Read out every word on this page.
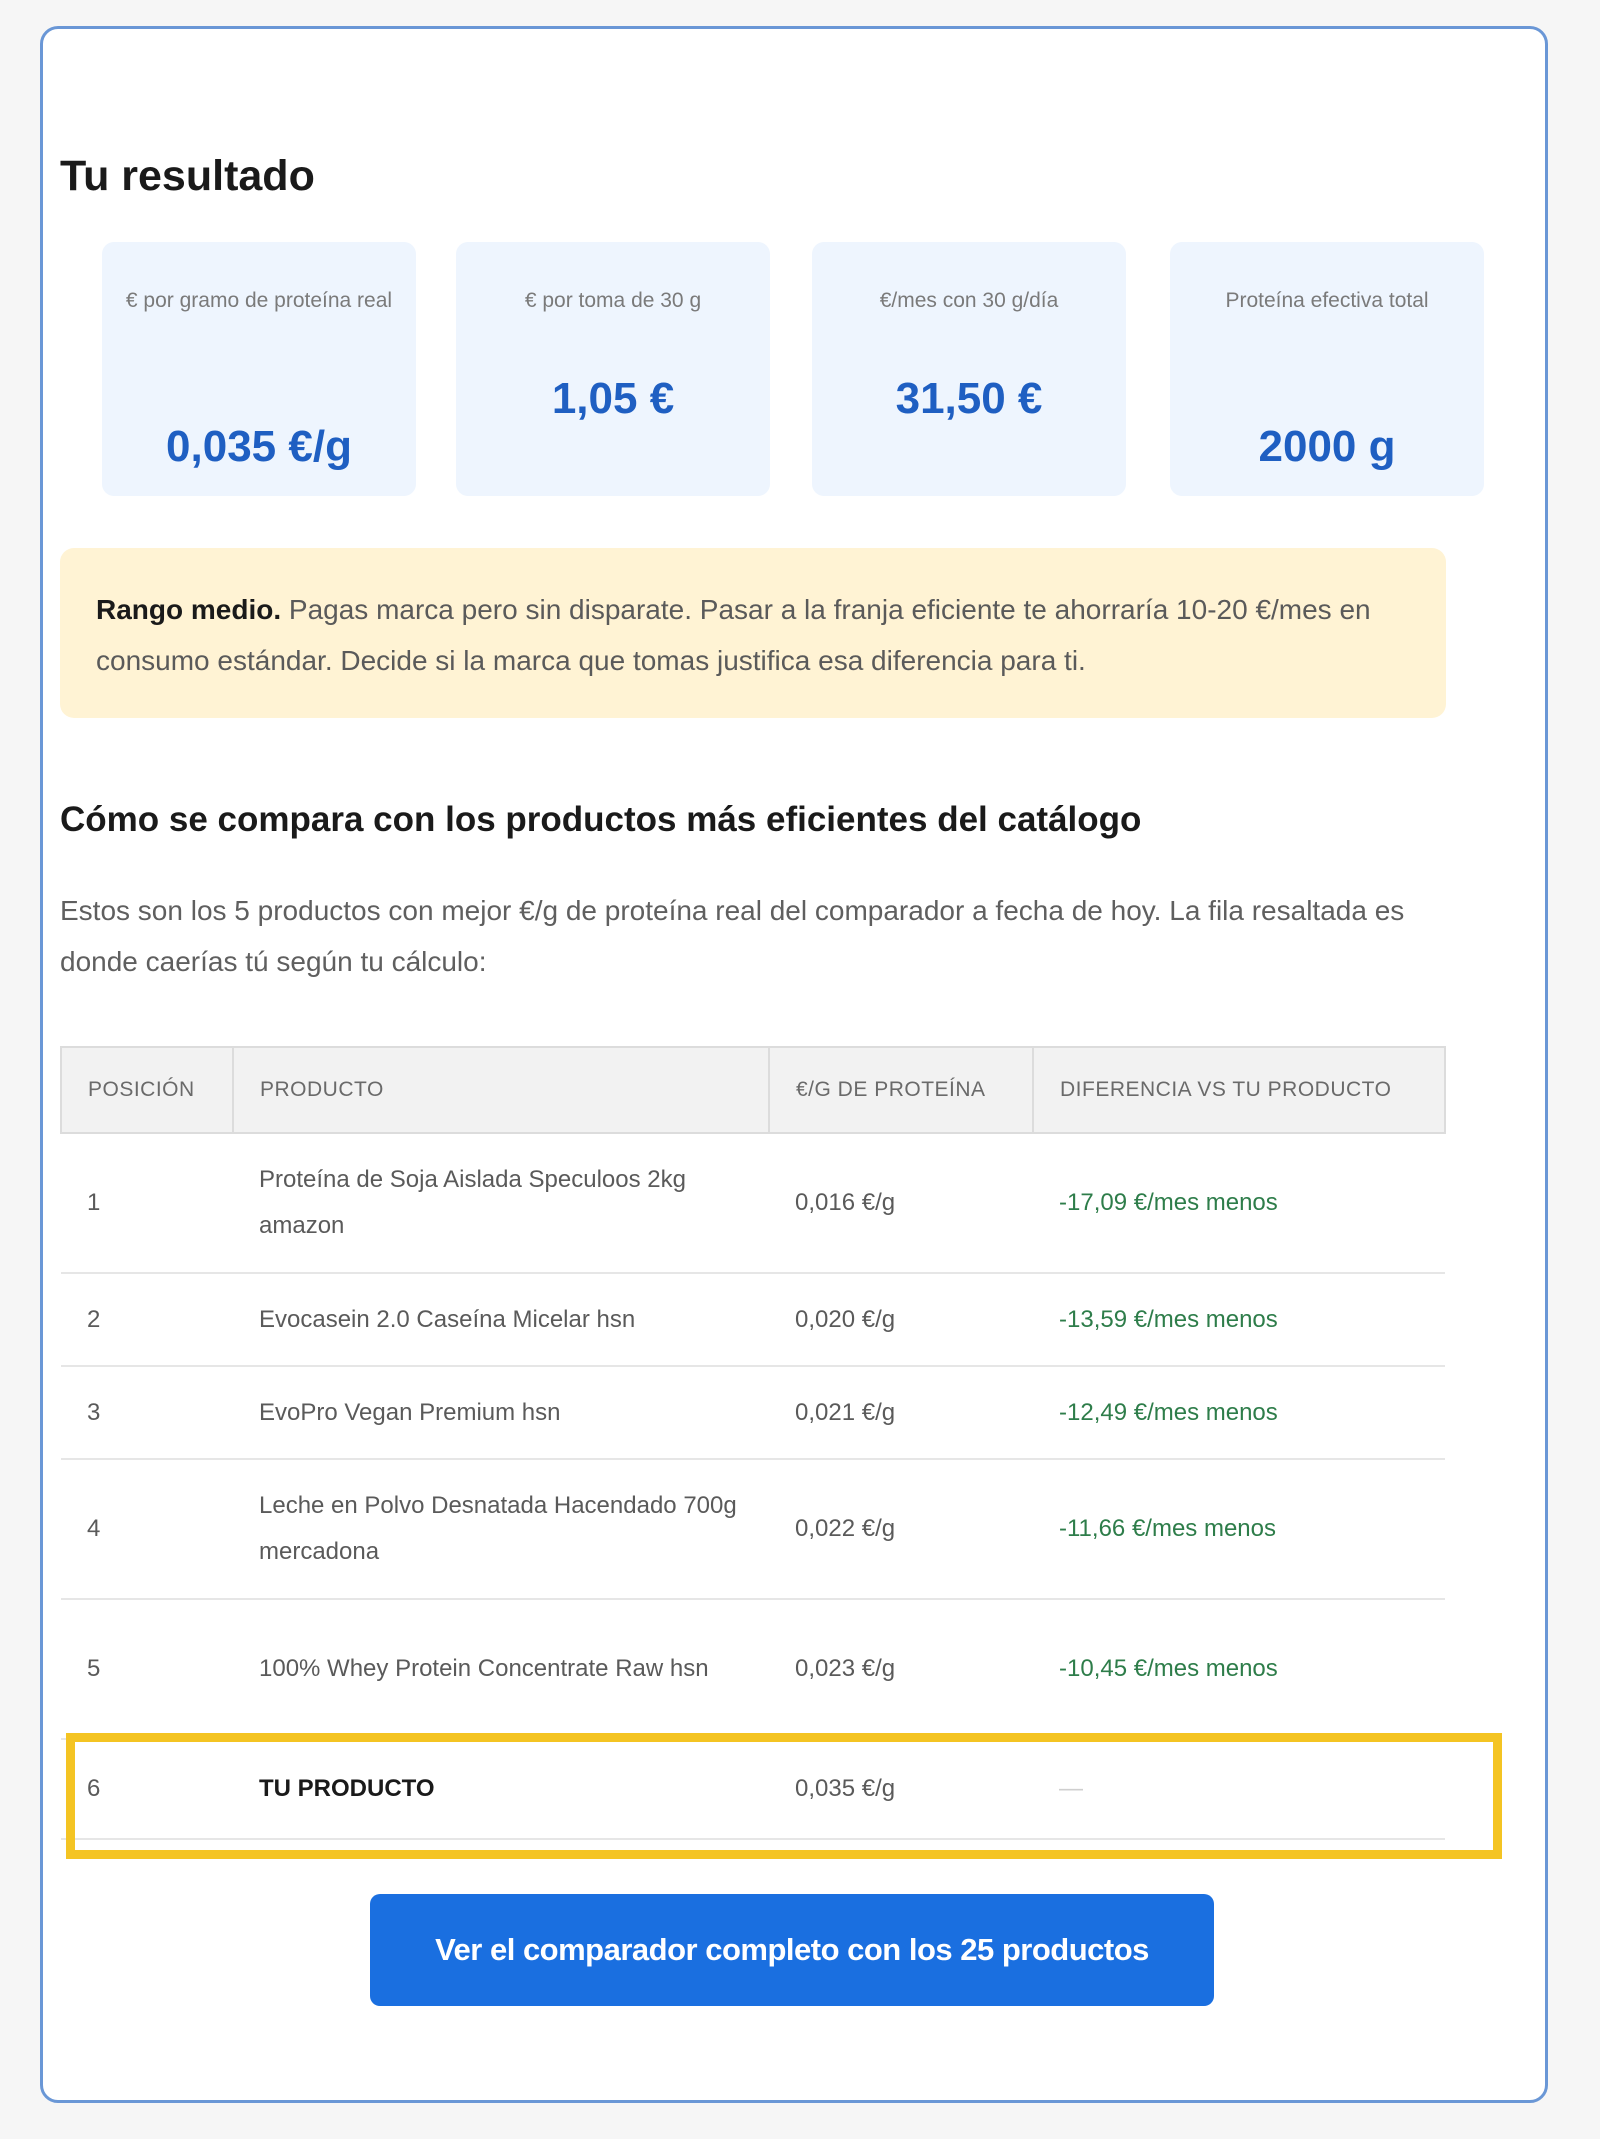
Tu resultado
€ por gramo de proteína real
0,035 €/g
€ por toma de 30 g
1,05 €
€/mes con 30 g/día
31,50 €
Proteína efectiva total
2000 g
Rango medio. Pagas marca pero sin disparate. Pasar a la franja eficiente te ahorraría 10-20 €/mes en consumo estándar. Decide si la marca que tomas justifica esa diferencia para ti.
Cómo se compara con los productos más eficientes del catálogo
Estos son los 5 productos con mejor €/g de proteína real del comparador a fecha de hoy. La fila resaltada es donde caerías tú según tu cálculo:
POSICIÓN	PRODUCTO	€/G DE PROTEÍNA	DIFERENCIA VS TU PRODUCTO
1	Proteína de Soja Aislada Speculoos 2kg amazon	0,016 €/g	-17,09 €/mes menos
2	Evocasein 2.0 Caseína Micelar hsn	0,020 €/g	-13,59 €/mes menos
3	EvoPro Vegan Premium hsn	0,021 €/g	-12,49 €/mes menos
4	Leche en Polvo Desnatada Hacendado 700g mercadona	0,022 €/g	-11,66 €/mes menos
5	100% Whey Protein Concentrate Raw hsn	0,023 €/g	-10,45 €/mes menos
6	TU PRODUCTO	0,035 €/g	—
Ver el comparador completo con los 25 productos
